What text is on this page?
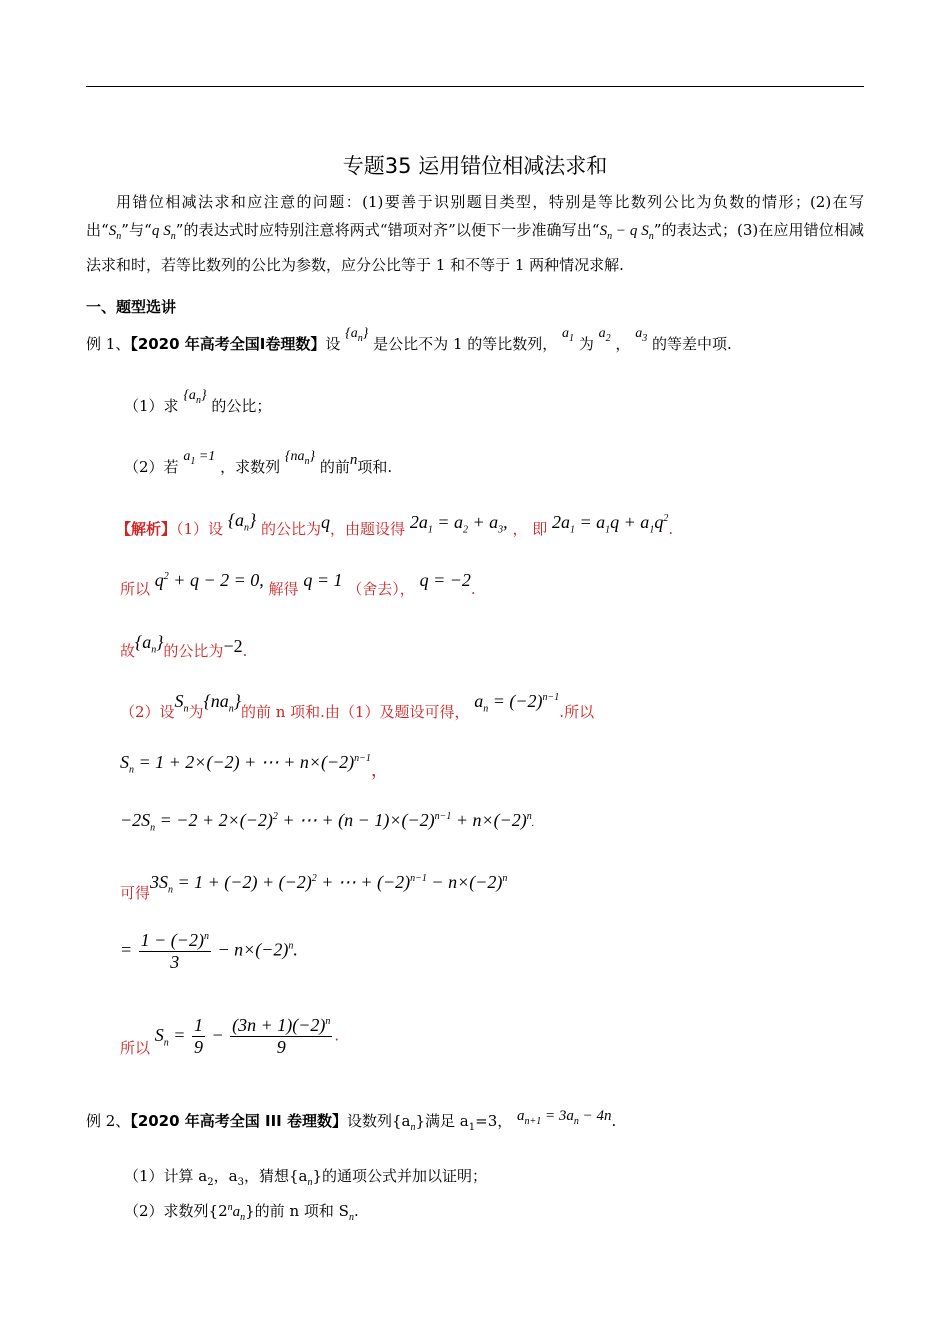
专题35 运用错位相减法求和

用错位相减法求和应注意的问题：(1)要善于识别题目类型，特别是等比数列公比为负数的情形；(2)在写出“$S_n$”与“q $S_n$”的表达式时应特别注意将两式“错项对齐”以便下一步准确写出“$S_n - q$ $S_n$”的表达式；(3)在应用错位相减法求和时，若等比数列的公比为参数，应分公比等于 1 和不等于 1 两种情况求解.

一、题型选讲
例 1、【2020 年高考全国Ⅰ卷理数】设 $\{a_n\}$ 是公比不为 1 的等比数列， $a_1$ 为 $a_2$ ， $a_3$ 的等差中项.
（1）求 $\{a_n\}$ 的公比；
（2）若 $a_1 =1$ ，求数列 $\{na_n\}$ 的前n项和.
【解析】（1）设 $\{a_n\}$ 的公比为q，由题设得 $2a_1 = a_2 + a_3$, ， 即 $2a_1 = a_1q + a_1q^2$.
所以 $q^2 + q - 2 = 0$, 解得 q = 1 （舍去）， q = −2.
故$\{a_n\}$的公比为−2.
（2）设$S_n$为$\{na_n\}$的前 n 项和.由（1）及题设可得， $a_n = (-2)^{n-1}$.所以
$S_n = 1 + 2\times(-2)$ + ⋯ + $n\times(-2)^{n-1}$，
$-2S_n = -2 + 2\times(-2)^2$ + ⋯ + $(n - 1)\times(-2)^{n-1} + n\times(-2)^n$.
可得$3S_n = 1 + (-2) + (-2)^2$ + ⋯ + $(-2)^{n-1} - n\times(-2)^n$
= $\frac{1 - (-2)^n}{3} - n\times(-2)^n$.
所以 $S_n = \frac{1}{9} - \frac{(3n + 1)(-2)^n}{9}$ .
例 2、【2020 年高考全国 III 卷理数】设数列$\{a_n\}$满足 $a_1=3$， $a_{n+1} = 3a_n - 4n$.
（1）计算 $a_2$，$a_3$，猜想$\{a_n\}$的通项公式并加以证明；
（2）求数列$\{2^na_n\}$的前 n 项和 $S_n$.
